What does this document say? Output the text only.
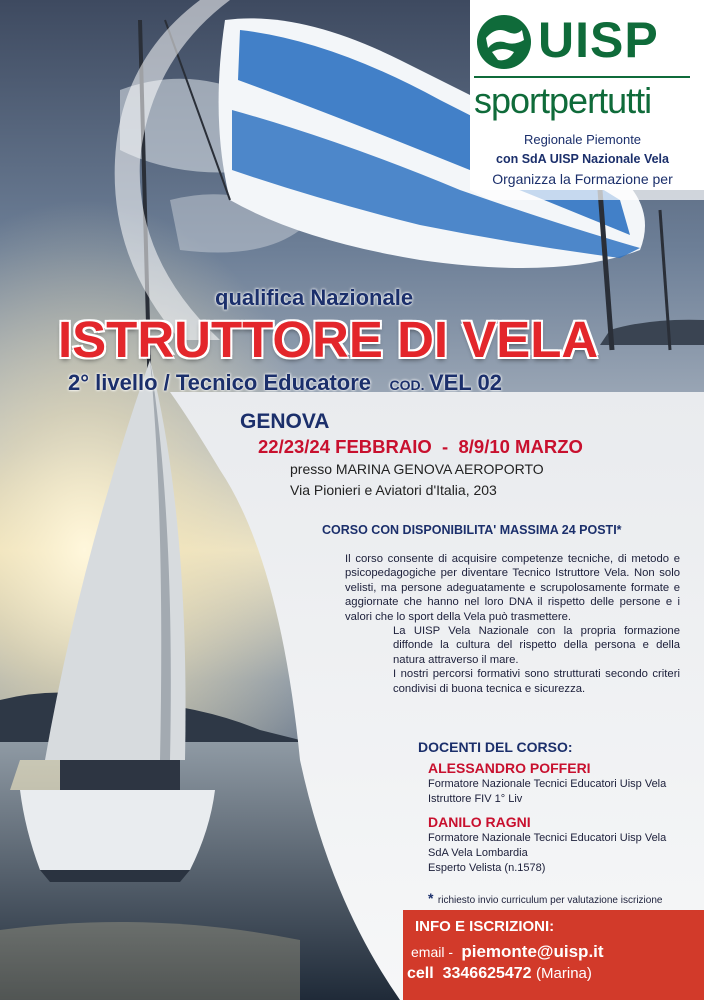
UISP
sportpertutti
Regionale Piemonte
con SdA UISP Nazionale Vela
Organizza la Formazione per
qualifica Nazionale
ISTRUTTORE DI VELA
2° livello / Tecnico Educatore COD. VEL 02
GENOVA
22/23/24 FEBBRAIO  -  8/9/10 MARZO
presso MARINA GENOVA AEROPORTO
Via Pionieri e Aviatori d'Italia, 203
CORSO CON DISPONIBILITA' MASSIMA 24 POSTI*

Il corso consente di acquisire competenze tecniche, di metodo e psicopedagogiche per diventare Tecnico Istruttore Vela. Non solo velisti, ma persone adeguatamente e scrupolosamente formate e aggiornate che hanno nel loro DNA il rispetto delle persone e i valori che lo sport della Vela può trasmettere.

La UISP Vela Nazionale con la propria formazione diffonde la cultura del rispetto della persona e della natura attraverso il mare.

I nostri percorsi formativi sono strutturati secondo criteri condivisi di buona tecnica e sicurezza.

DOCENTI DEL CORSO:
ALESSANDRO POFFERI
Formatore Nazionale Tecnici Educatori Uisp Vela
Istruttore FIV 1° Liv
DANILO RAGNI
Formatore Nazionale Tecnici Educatori Uisp Vela
SdA Vela Lombardia
Esperto Velista (n.1578)
* richiesto invio curriculum per valutazione iscrizione
INFO E ISCRIZIONI:
email -  piemonte@uisp.it
cell  3346625472 (Marina)
